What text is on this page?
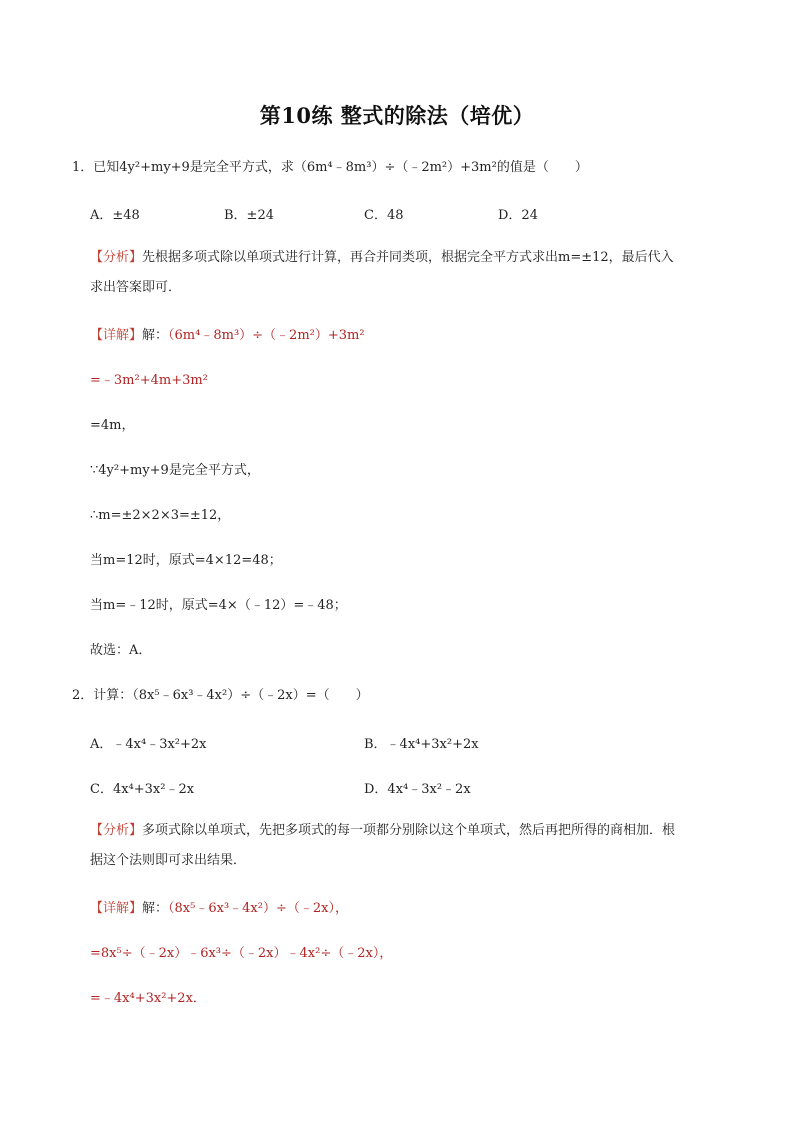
第10练 整式的除法（培优）
1．已知4y²+my+9是完全平方式，求（6m⁴﹣8m³）÷（﹣2m²）+3m²的值是（　　）
A．±48	B．±24	C．48	D．24
【分析】先根据多项式除以单项式进行计算，再合并同类项，根据完全平方式求出m=±12，最后代入
求出答案即可．
【详解】解：（6m⁴﹣8m³）÷（﹣2m²）+3m²
=﹣3m²+4m+3m²
=4m，
∵4y²+my+9是完全平方式，
∴m=±2×2×3=±12，
当m=12时，原式=4×12=48；
当m=﹣12时，原式=4×（﹣12）=﹣48；
故选：A．
2．计算：（8x⁵﹣6x³﹣4x²）÷（﹣2x）=（　　）
A．﹣4x⁴﹣3x²+2x	B．﹣4x⁴+3x²+2x
C．4x⁴+3x²﹣2x	D．4x⁴﹣3x²﹣2x
【分析】多项式除以单项式，先把多项式的每一项都分别除以这个单项式，然后再把所得的商相加．根
据这个法则即可求出结果．
【详解】解：（8x⁵﹣6x³﹣4x²）÷（﹣2x），
=8x⁵÷（﹣2x）﹣6x³÷（﹣2x）﹣4x²÷（﹣2x），
=﹣4x⁴+3x²+2x．
